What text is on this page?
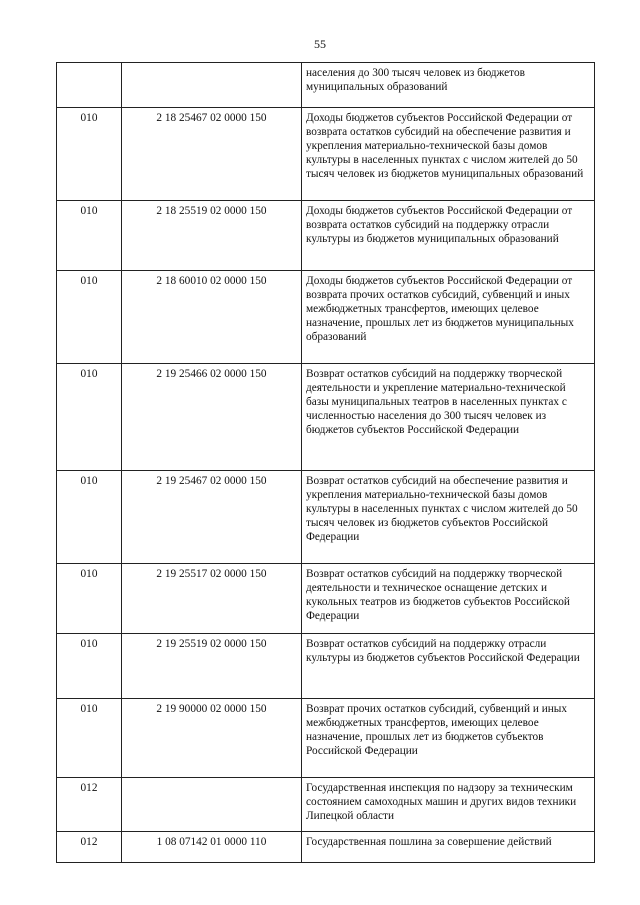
55
		населения до 300 тысяч человек из бюджетов муниципальных образований
010	2 18 25467 02 0000 150	Доходы бюджетов субъектов Российской Федерации от возврата остатков субсидий на обеспечение развития и укрепления материально-технической базы домов культуры в населенных пунктах с числом жителей до 50 тысяч человек из бюджетов муниципальных образований
010	2 18 25519 02 0000 150	Доходы бюджетов субъектов Российской Федерации от возврата остатков субсидий на поддержку отрасли культуры из бюджетов муниципальных образований
010	2 18 60010 02 0000 150	Доходы бюджетов субъектов Российской Федерации от возврата прочих остатков субсидий, субвенций и иных межбюджетных трансфертов, имеющих целевое назначение, прошлых лет из бюджетов муниципальных образований
010	2 19 25466 02 0000 150	Возврат остатков субсидий на поддержку творческой деятельности и укрепление материально-технической базы муниципальных театров в населенных пунктах с численностью населения до 300 тысяч человек из бюджетов субъектов Российской Федерации
010	2 19 25467 02 0000 150	Возврат остатков субсидий на обеспечение развития и укрепления материально-технической базы домов культуры в населенных пунктах с числом жителей до 50 тысяч человек из бюджетов субъектов Российской Федерации
010	2 19 25517 02 0000 150	Возврат остатков субсидий на поддержку творческой деятельности и техническое оснащение детских и кукольных театров из бюджетов субъектов Российской Федерации
010	2 19 25519 02 0000 150	Возврат остатков субсидий на поддержку отрасли культуры из бюджетов субъектов Российской Федерации
010	2 19 90000 02 0000 150	Возврат прочих остатков субсидий, субвенций и иных межбюджетных трансфертов, имеющих целевое назначение, прошлых лет из бюджетов субъектов Российской Федерации
012		Государственная инспекция по надзору за техническим состоянием самоходных машин и других видов техники Липецкой области
012	1 08 07142 01 0000 110	Государственная пошлина за совершение действий
